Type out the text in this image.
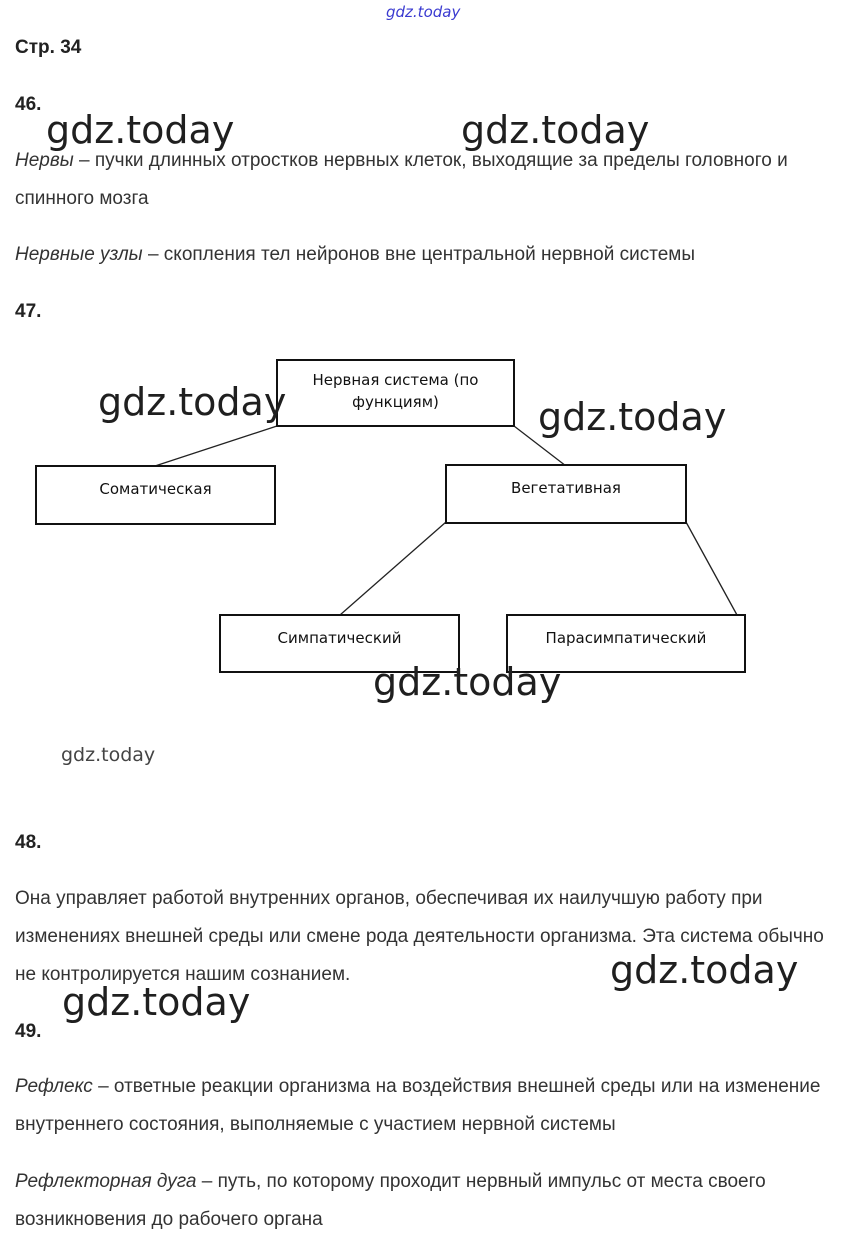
gdz.today
Стр. 34
46.
Нервы – пучки длинных отростков нервных клеток, выходящие за пределы головного и спинного мозга
Нервные узлы – скопления тел нейронов вне центральной нервной системы
47.
Нервная система (по функциям)
Соматическая	Вегетативная
Симпатический	Парасимпатический
48.
Она управляет работой внутренних органов, обеспечивая их наилучшую работу при изменениях внешней среды или смене рода деятельности организма. Эта система обычно не контролируется нашим сознанием.
49.
Рефлекс – ответные реакции организма на воздействия внешней среды или на изменение внутреннего состояния, выполняемые с участием нервной системы
Рефлекторная дуга – путь, по которому проходит нервный импульс от места своего возникновения до рабочего органа
gdz.today	gdz.today
gdz.today	gdz.today
gdz.today
gdz.today
gdz.today
gdz.today
